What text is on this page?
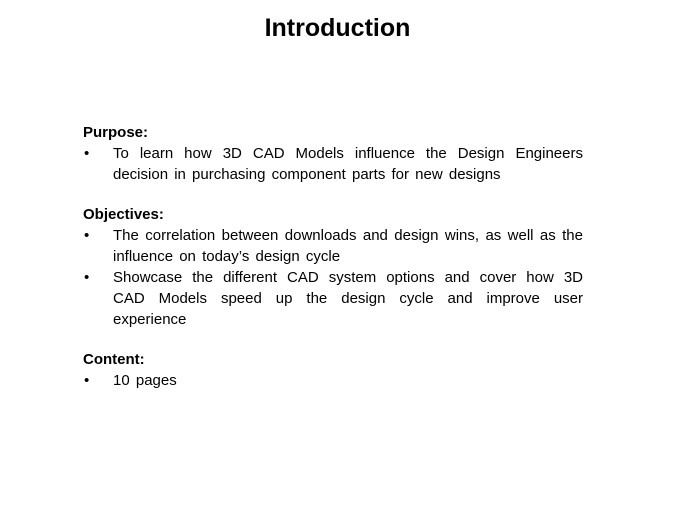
Introduction
Purpose:
• To learn how 3D CAD Models influence the Design Engineers decision in purchasing component parts for new designs
Objectives:
• The correlation between downloads and design wins, as well as the influence on today’s design cycle
• Showcase the different CAD system options and cover how 3D CAD Models speed up the design cycle and improve user experience
Content:
• 10 pages
